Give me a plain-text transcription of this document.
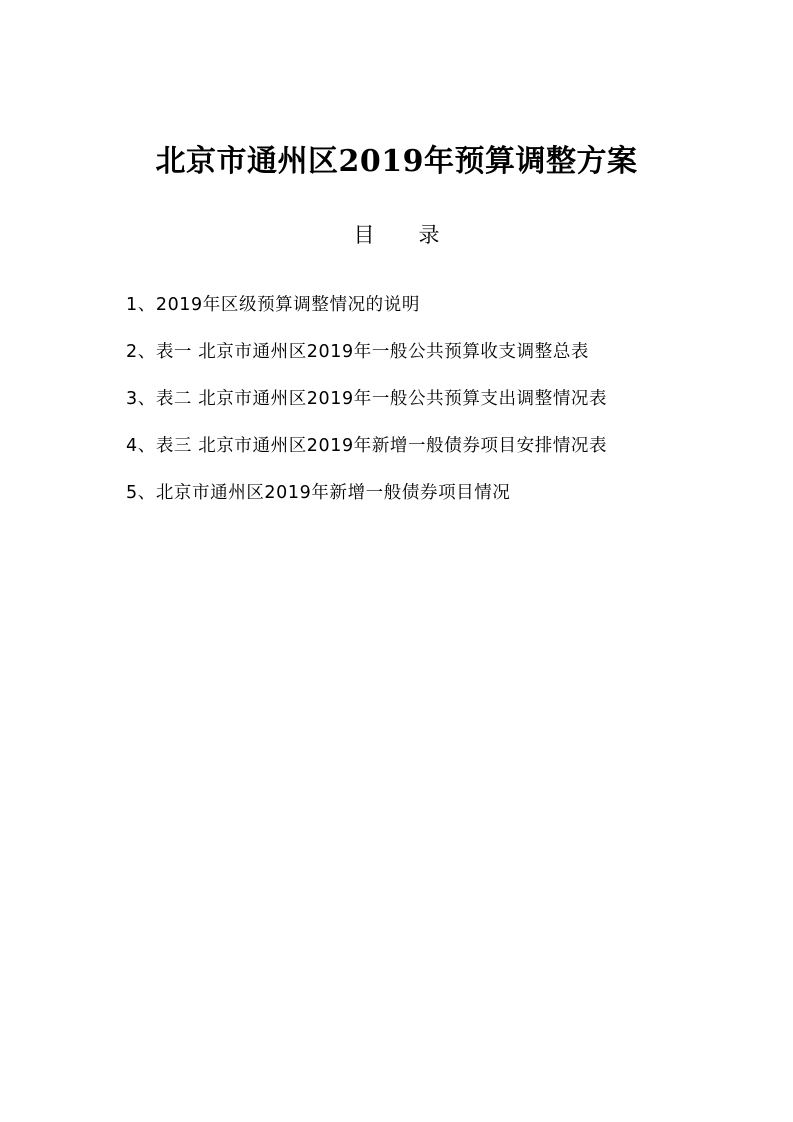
北京市通州区2019年预算调整方案
目 录
1、2019年区级预算调整情况的说明
2、表一 北京市通州区2019年一般公共预算收支调整总表
3、表二 北京市通州区2019年一般公共预算支出调整情况表
4、表三 北京市通州区2019年新增一般债券项目安排情况表
5、北京市通州区2019年新增一般债券项目情况
